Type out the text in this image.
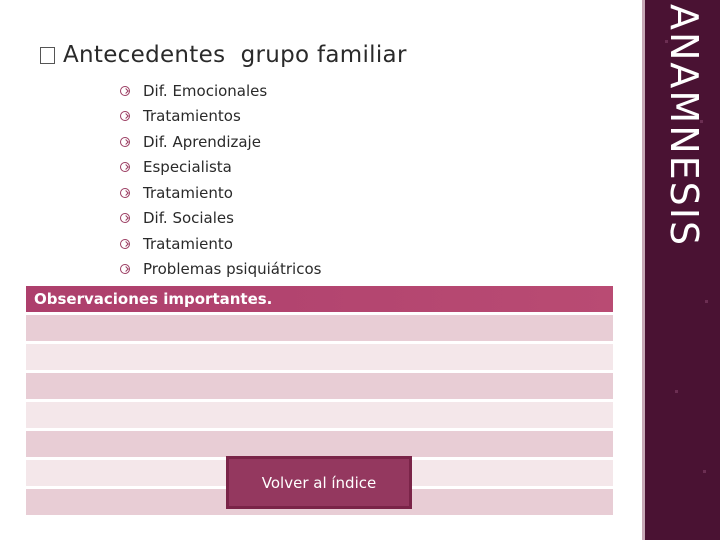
Antecedentes  grupo familiar
Dif. Emocionales
Tratamientos
Dif. Aprendizaje
Especialista
Tratamiento
Dif. Sociales
Tratamiento
Problemas psiquiátricos
Observaciones importantes.
Volver al índice
ANAMNESIS
